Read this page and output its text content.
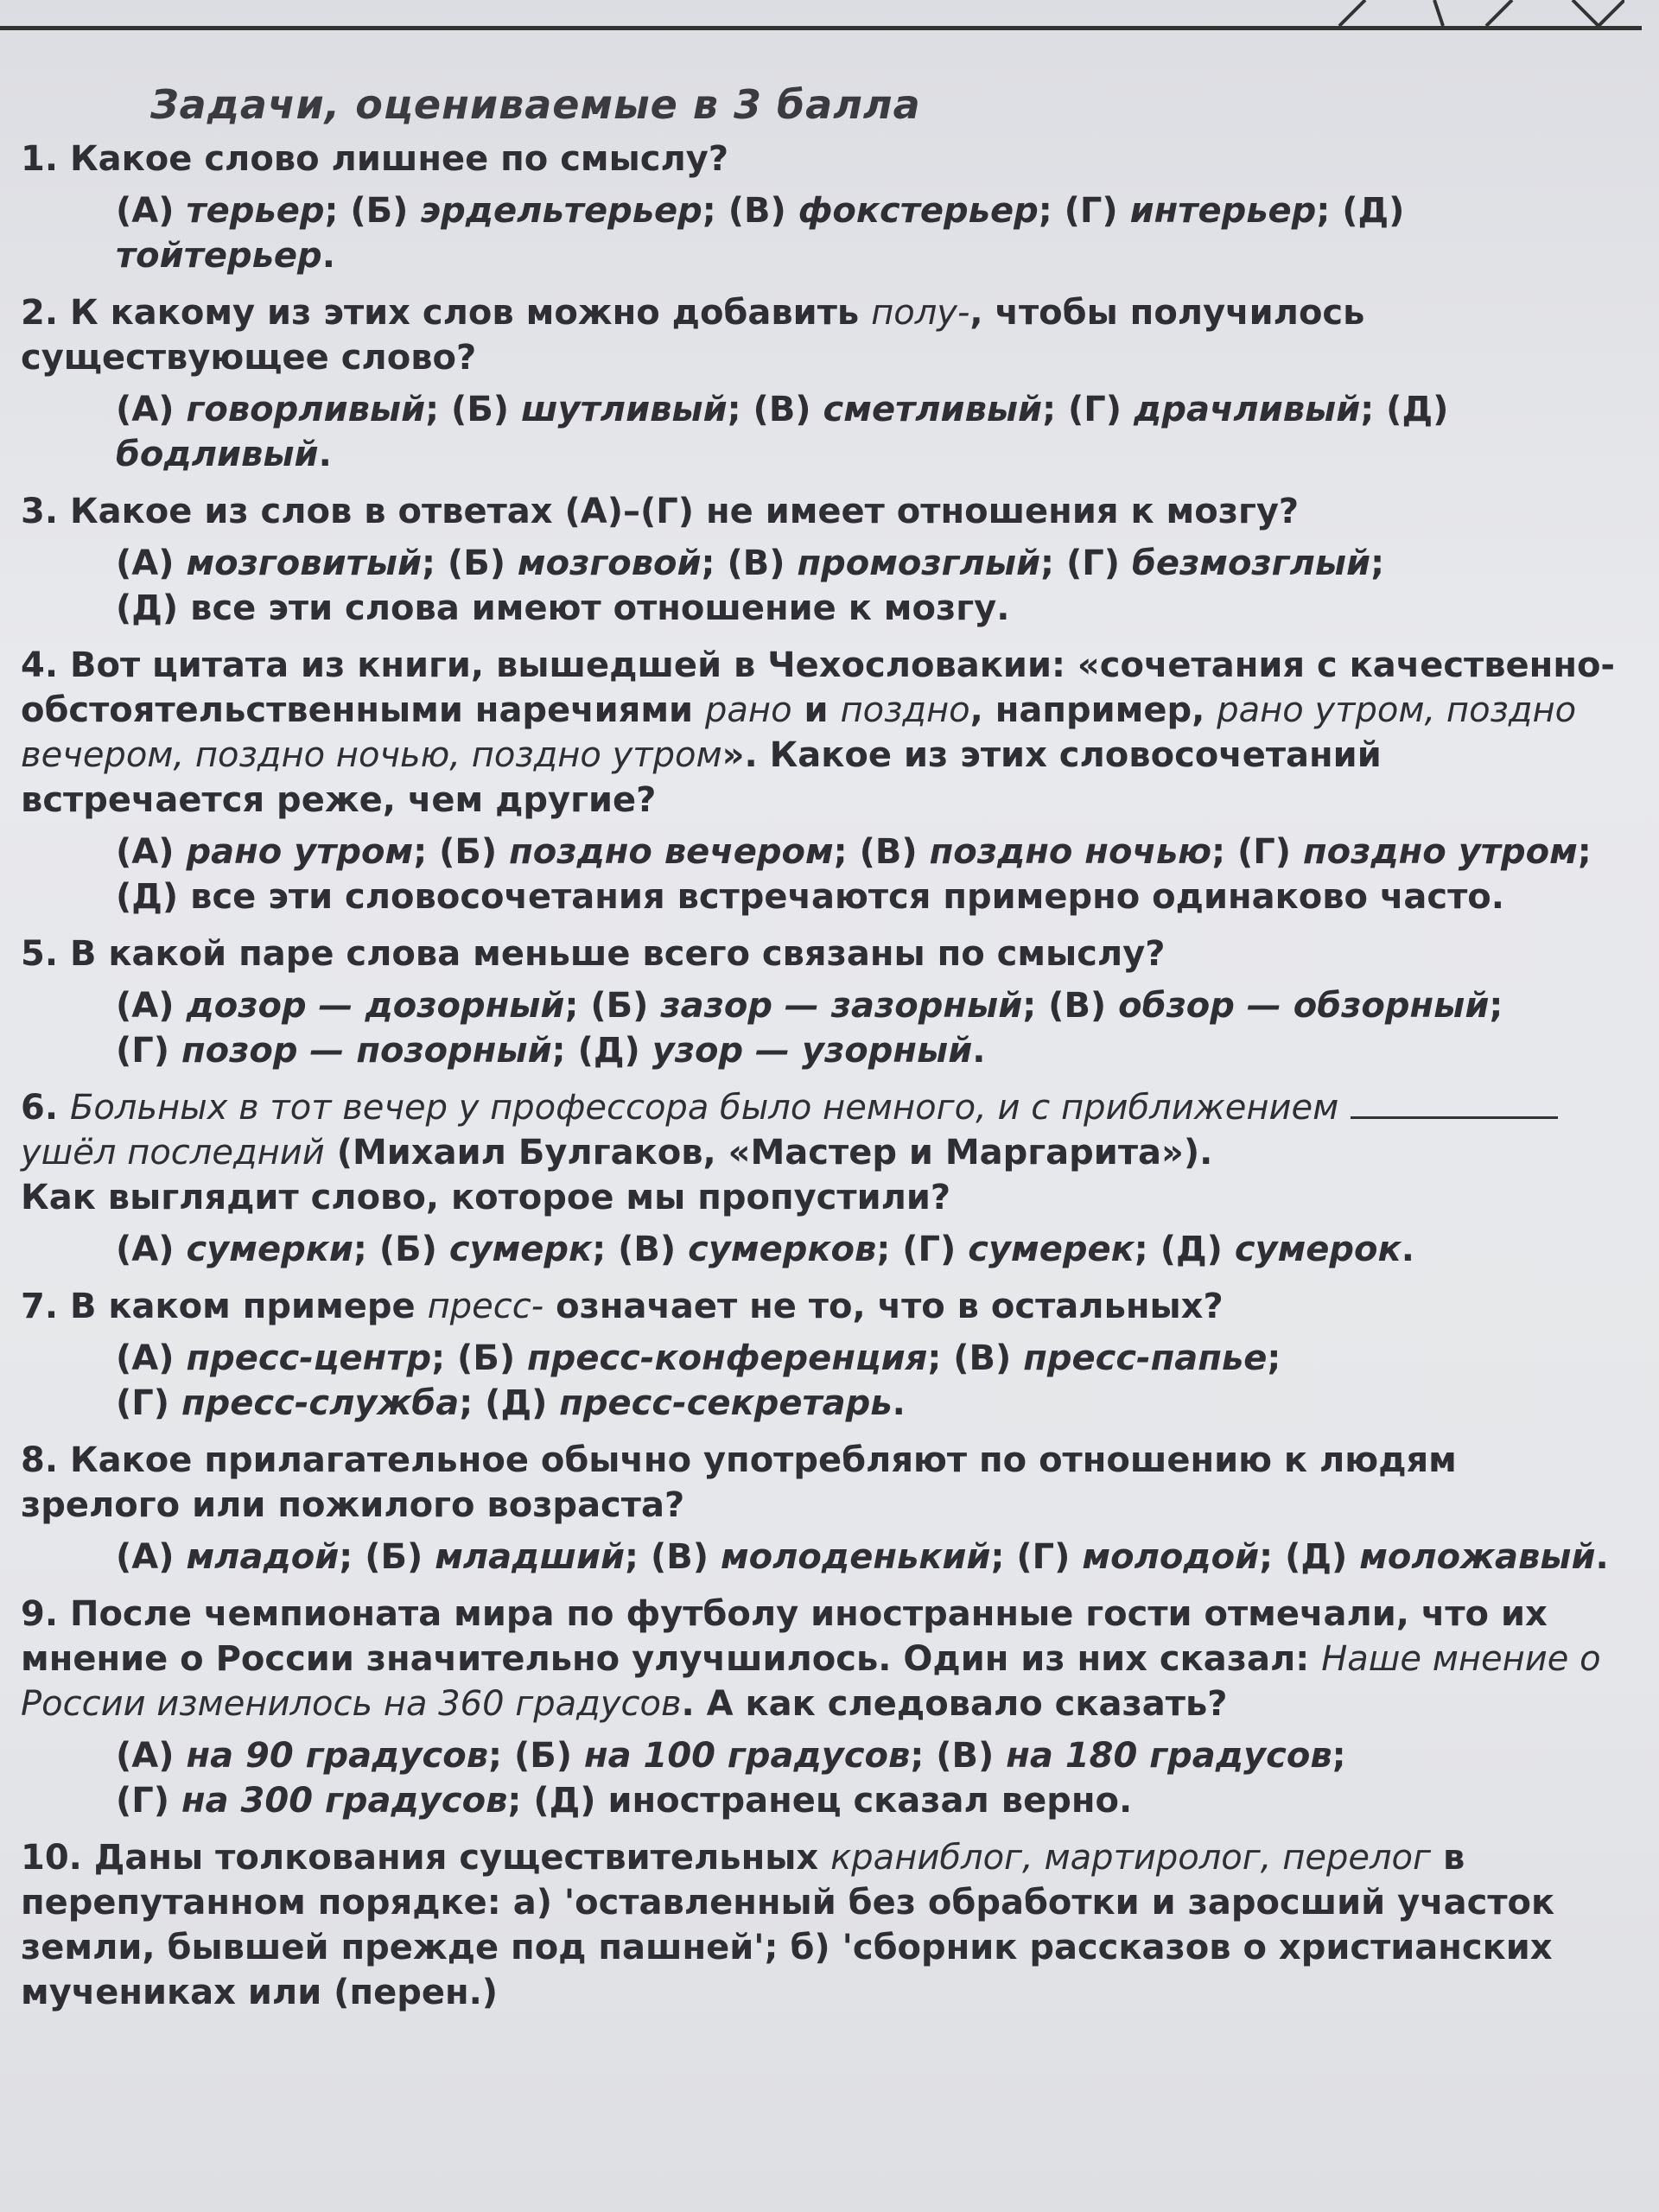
Задачи, оцениваемые в 3 балла
1. Какое слово лишнее по смыслу?
(А) терьер; (Б) эрдельтерьер; (В) фокстерьер; (Г) интерьер; (Д) тойтерьер.
2. К какому из этих слов можно добавить полу-, чтобы получилось существующее слово?
(А) говорливый; (Б) шутливый; (В) сметливый; (Г) драчливый; (Д) бодливый.
3. Какое из слов в ответах (А)–(Г) не имеет отношения к мозгу?
(А) мозговитый; (Б) мозговой; (В) промозглый; (Г) безмозглый;
(Д) все эти слова имеют отношение к мозгу.
4. Вот цитата из книги, вышедшей в Чехословакии: «сочетания с качественно-обстоятельственными наречиями рано и поздно, например, рано утром, поздно вечером, поздно ночью, поздно утром». Какое из этих словосочетаний встречается реже, чем другие?
(А) рано утром; (Б) поздно вечером; (В) поздно ночью; (Г) поздно утром;
(Д) все эти словосочетания встречаются примерно одинаково часто.
5. В какой паре слова меньше всего связаны по смыслу?
(А) дозор — дозорный; (Б) зазор — зазорный; (В) обзор — обзорный;
(Г) позор — позорный; (Д) узор — узорный.
6. Больных в тот вечер у профессора было немного, и с приближением  ушёл последний (Михаил Булгаков, «Мастер и Маргарита»).
Как выглядит слово, которое мы пропустили?
(А) сумерки; (Б) сумерк; (В) сумерков; (Г) сумерек; (Д) сумерок.
7. В каком примере пресс- означает не то, что в остальных?
(А) пресс-центр; (Б) пресс-конференция; (В) пресс-папье;
(Г) пресс-служба; (Д) пресс-секретарь.
8. Какое прилагательное обычно употребляют по отношению к людям зрелого или пожилого возраста?
(А) младой; (Б) младший; (В) молоденький; (Г) молодой; (Д) моложавый.
9. После чемпионата мира по футболу иностранные гости отмечали, что их мнение о России значительно улучшилось. Один из них сказал: Наше мнение о России изменилось на 360 градусов. А как следовало сказать?
(А) на 90 градусов; (Б) на 100 градусов; (В) на 180 градусов;
(Г) на 300 градусов; (Д) иностранец сказал верно.
10. Даны толкования существительных краниблог, мартиролог, перелог в перепутанном порядке: а) 'оставленный без обработки и заросший участок земли, бывшей прежде под пашней'; б) 'сборник рассказов о христианских мучениках или (перен.)
